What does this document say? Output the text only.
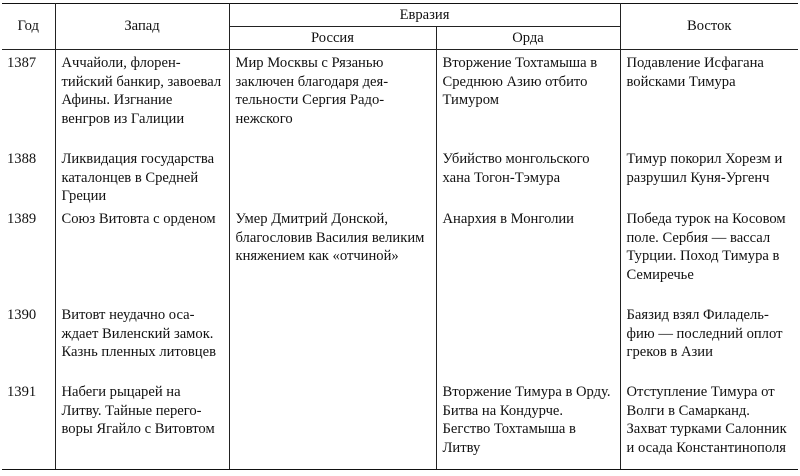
Год	Запад	Евразия		Восток
		Россия	Орда	
1387	Аччайоли, флорентийский банкир, завоевал Афины. Изгнание венгров из Галиции	Мир Москвы с Рязанью заключен благодаря деятельности Сергия Радонежского	Вторжение Тохтамыша в Среднюю Азию отбито Тимуром	Подавление Исфагана войсками Тимура

1388	Ликвидация государства каталонцев в Средней Греции		Убийство монгольского хана Тогон-Тэмура	Тимур покорил Хорезм и разрушил Куня-Ургенч

1389	Союз Витовта с орденом	Умер Дмитрий Донской, благословив Василия великим княжением как «отчиной»	Анархия в Монголии	Победа турок на Косовом поле. Сербия — вассал Турции. Поход Тимура в Семиречье

1390	Витовт неудачно осаждает Виленский замок. Казнь пленных литовцев			Баязид взял Филадельфию — последний оплот греков в Азии

1391	Набеги рыцарей на Литву. Тайные переговоры Ягайло с Витовтом		Вторжение Тимура в Орду. Битва на Кондурче. Бегство Тохтамыша в Литву	Отступление Тимура от Волги в Самарканд. Захват турками Салонник и осада Константинополя
